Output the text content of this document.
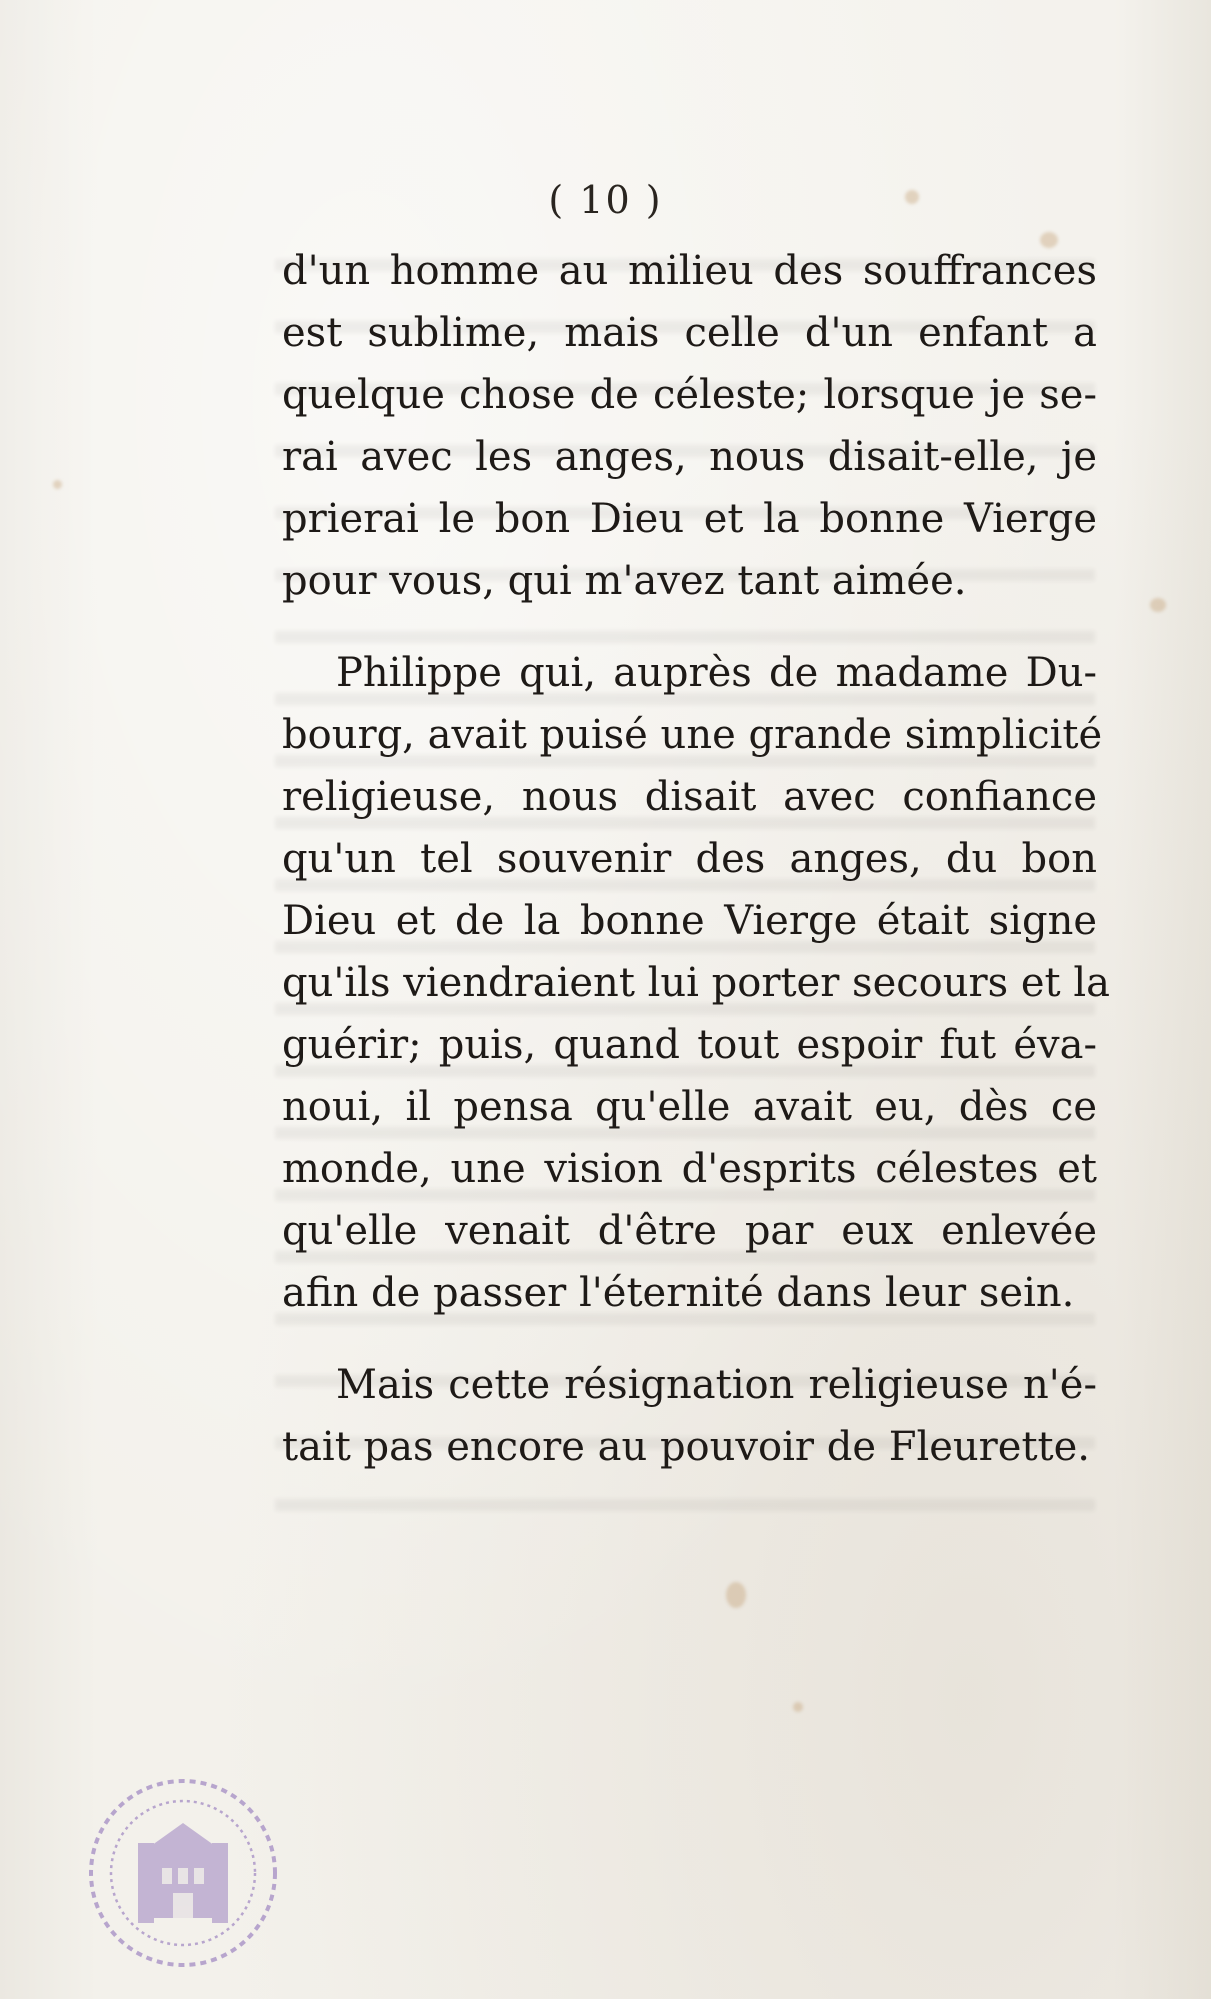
( 10 )
d'un homme au milieu des souffrances
est sublime, mais celle d'un enfant a
quelque chose de céleste; lorsque je se-
rai avec les anges, nous disait-elle, je
prierai le bon Dieu et la bonne Vierge
pour vous, qui m'avez tant aimée.
Philippe qui, auprès de madame Du-
bourg, avait puisé une grande simplicité
religieuse, nous disait avec confiance
qu'un tel souvenir des anges, du bon
Dieu et de la bonne Vierge était signe
qu'ils viendraient lui porter secours et la
guérir; puis, quand tout espoir fut éva-
noui, il pensa qu'elle avait eu, dès ce
monde, une vision d'esprits célestes et
qu'elle venait d'être par eux enlevée
afin de passer l'éternité dans leur sein.
Mais cette résignation religieuse n'é-
tait pas encore au pouvoir de Fleurette.
